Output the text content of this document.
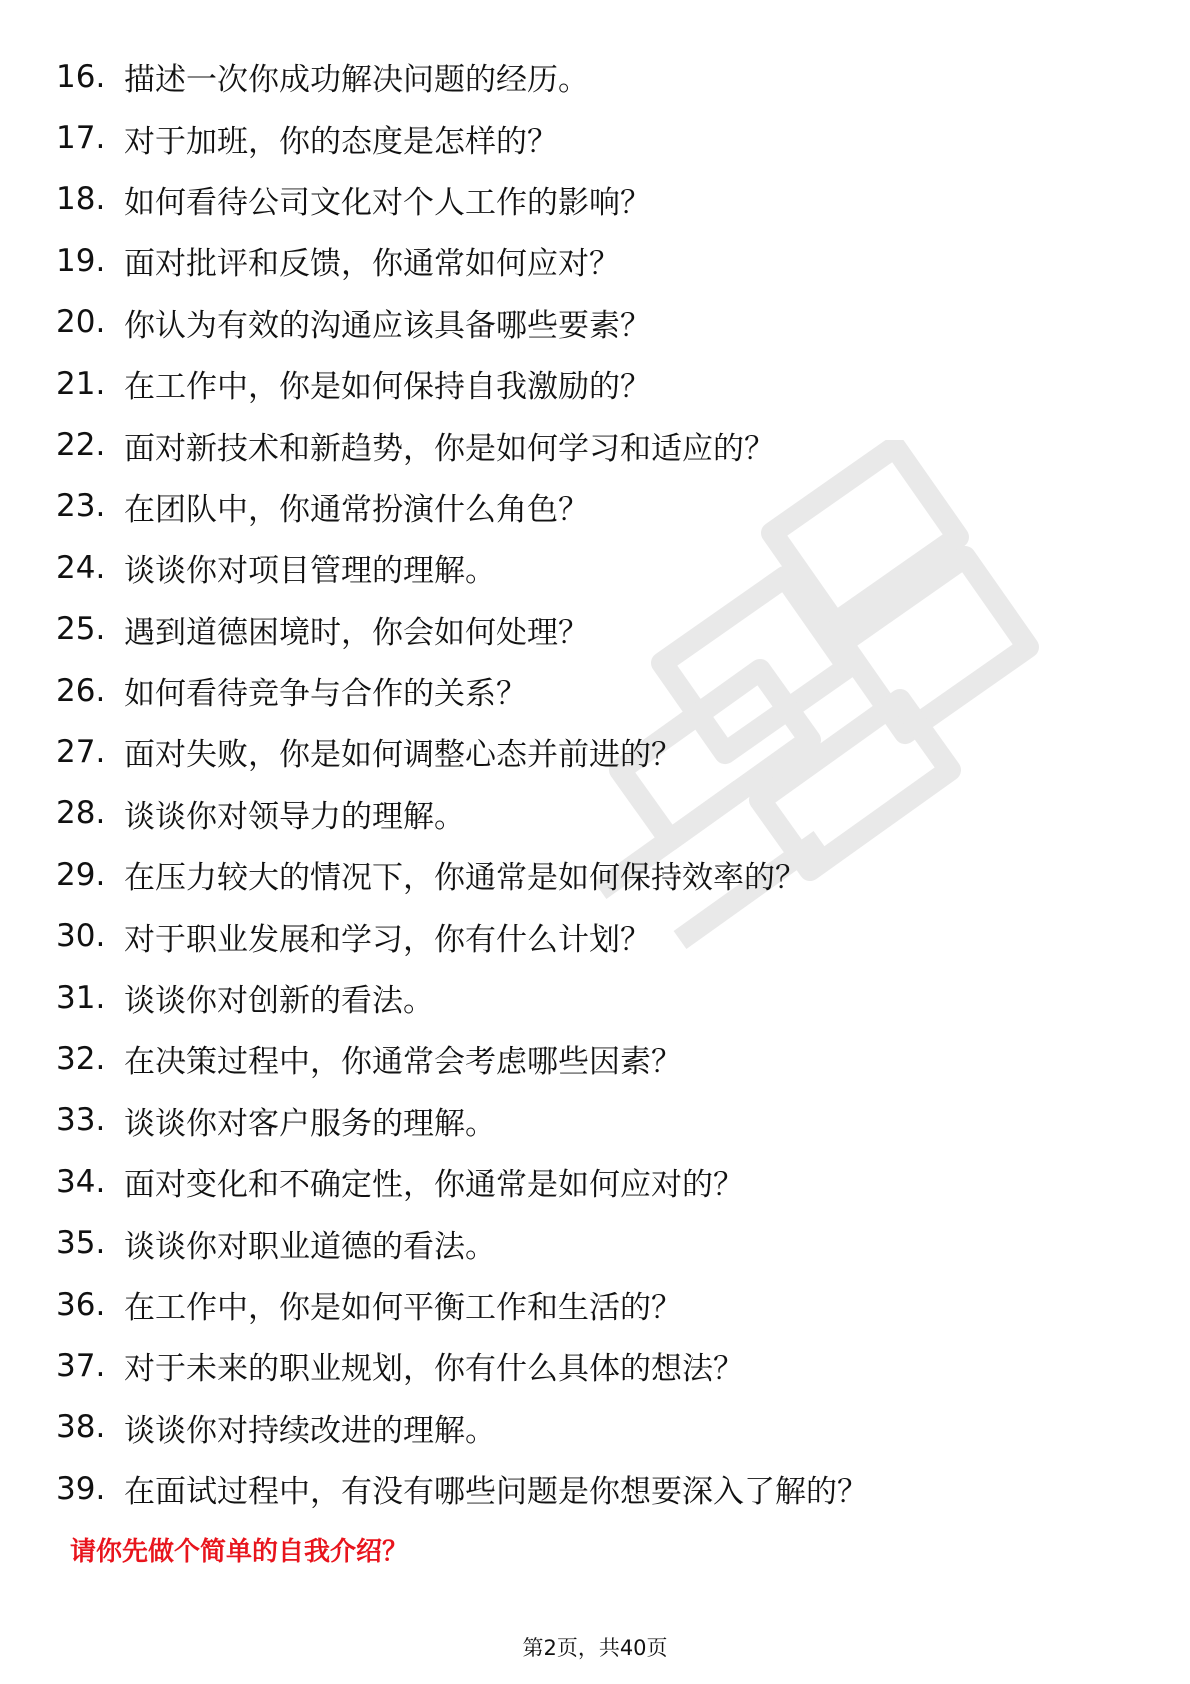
16. 描述一次你成功解决问题的经历。
17. 对于加班，你的态度是怎样的？
18. 如何看待公司文化对个人工作的影响？
19. 面对批评和反馈，你通常如何应对？
20. 你认为有效的沟通应该具备哪些要素？
21. 在工作中，你是如何保持自我激励的？
22. 面对新技术和新趋势，你是如何学习和适应的？
23. 在团队中，你通常扮演什么角色？
24. 谈谈你对项目管理的理解。
25. 遇到道德困境时，你会如何处理？
26. 如何看待竞争与合作的关系？
27. 面对失败，你是如何调整心态并前进的？
28. 谈谈你对领导力的理解。
29. 在压力较大的情况下，你通常是如何保持效率的？
30. 对于职业发展和学习，你有什么计划？
31. 谈谈你对创新的看法。
32. 在决策过程中，你通常会考虑哪些因素？
33. 谈谈你对客户服务的理解。
34. 面对变化和不确定性，你通常是如何应对的？
35. 谈谈你对职业道德的看法。
36. 在工作中，你是如何平衡工作和生活的？
37. 对于未来的职业规划，你有什么具体的想法？
38. 谈谈你对持续改进的理解。
39. 在面试过程中，有没有哪些问题是你想要深入了解的？
请你先做个简单的自我介绍？
第2页，共40页
